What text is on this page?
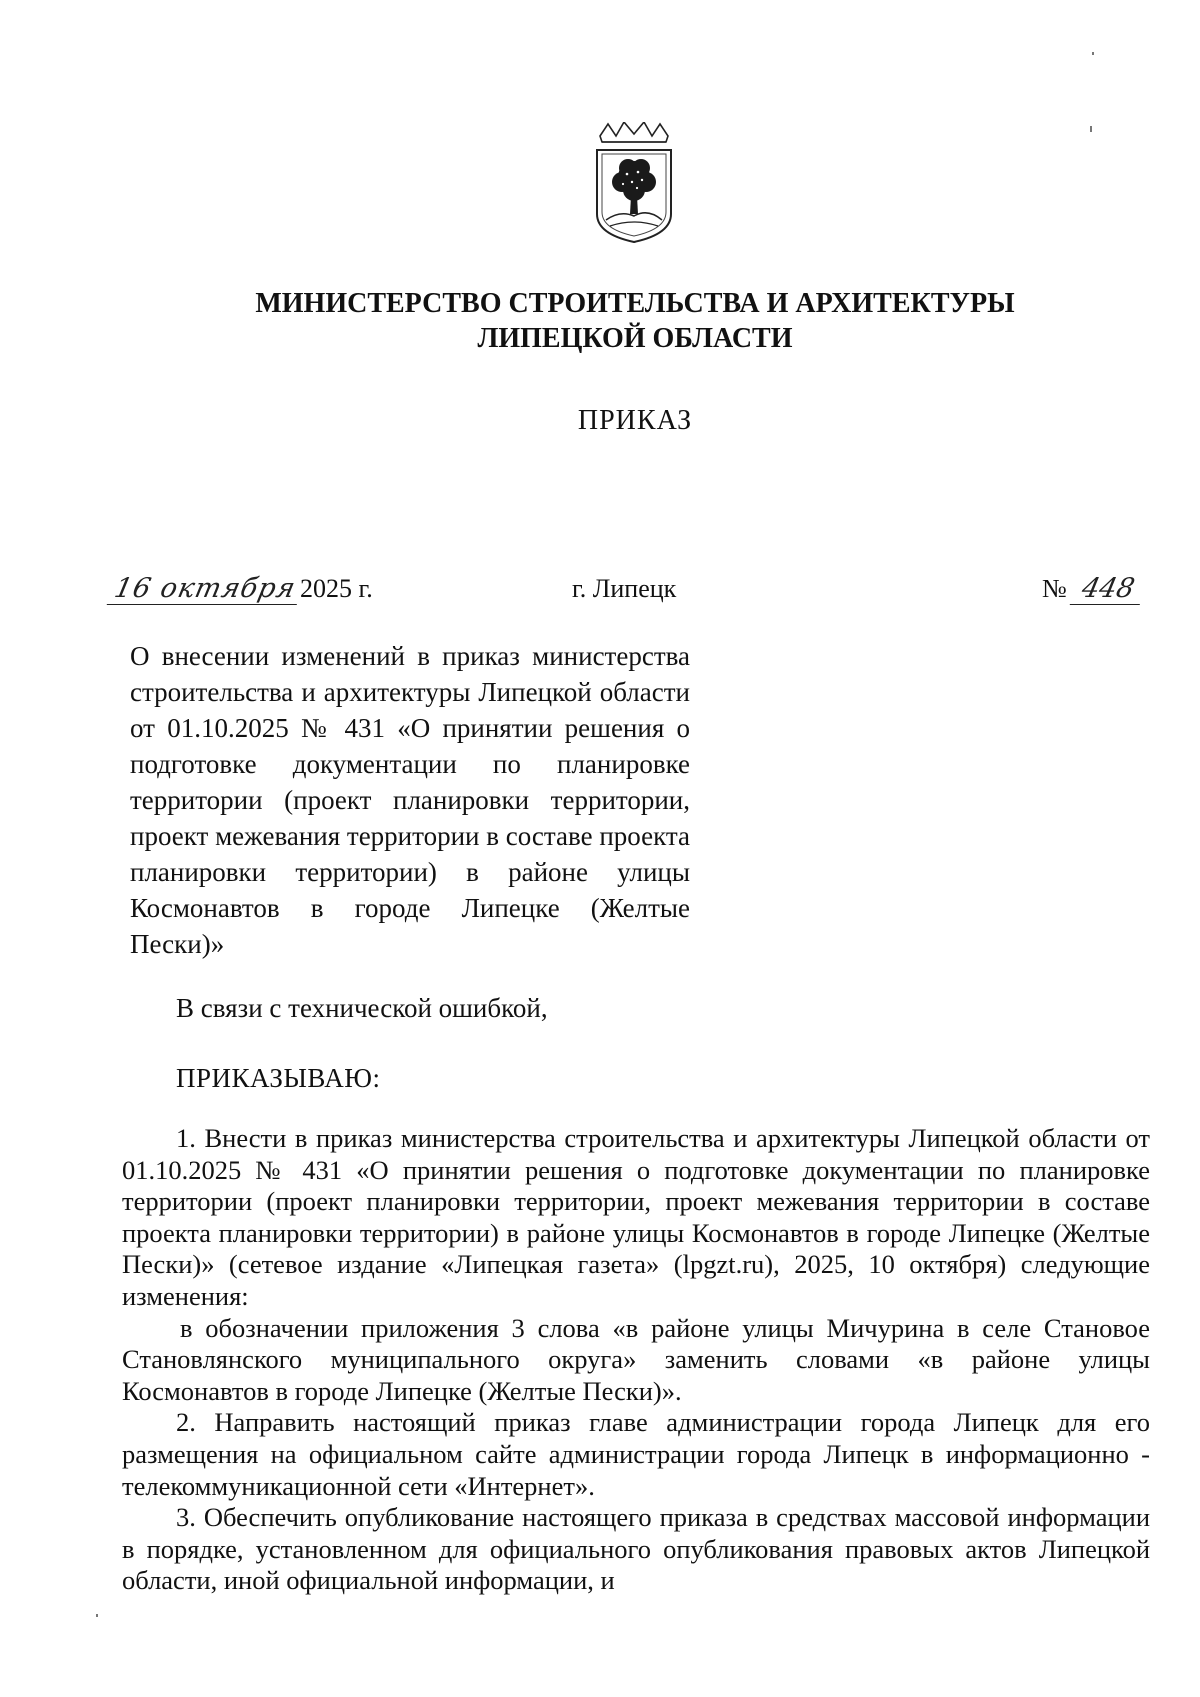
МИНИСТЕРСТВО СТРОИТЕЛЬСТВА И АРХИТЕКТУРЫ
ЛИПЕЦКОЙ ОБЛАСТИ
ПРИКАЗ
16 октября2025 г.	г. Липецк	№ 448
О внесении изменений в приказ министерства строительства и архитектуры Липецкой области от 01.10.2025 № 431 «О принятии решения о подготовке документации по планировке территории (проект планировки территории, проект межевания территории в составе проекта планировки территории) в районе улицы Космонавтов в городе Липецке (Желтые
Пески)»
В связи с технической ошибкой,
ПРИКАЗЫВАЮ:

1. Внести в приказ министерства строительства и архитектуры Липецкой области от 01.10.2025 № 431 «О принятии решения о подготовке документации по планировке территории (проект планировки территории, проект межевания территории в составе проекта планировки территории) в районе улицы Космонавтов в городе Липецке (Желтые Пески)» (сетевое издание «Липецкая газета» (lpgzt.ru), 2025, 10 октября) следующие изменения:

в обозначении приложения 3 слова «в районе улицы Мичурина в селе Становое Становлянского муниципального округа» заменить словами «в районе улицы Космонавтов в городе Липецке (Желтые Пески)».

2. Направить настоящий приказ главе администрации города Липецк для его размещения на официальном сайте администрации города Липецк в информационно - телекоммуникационной сети «Интернет».

3. Обеспечить опубликование настоящего приказа в средствах массовой информации в порядке, установленном для официального опубликования правовых актов Липецкой области, иной официальной информации, и
